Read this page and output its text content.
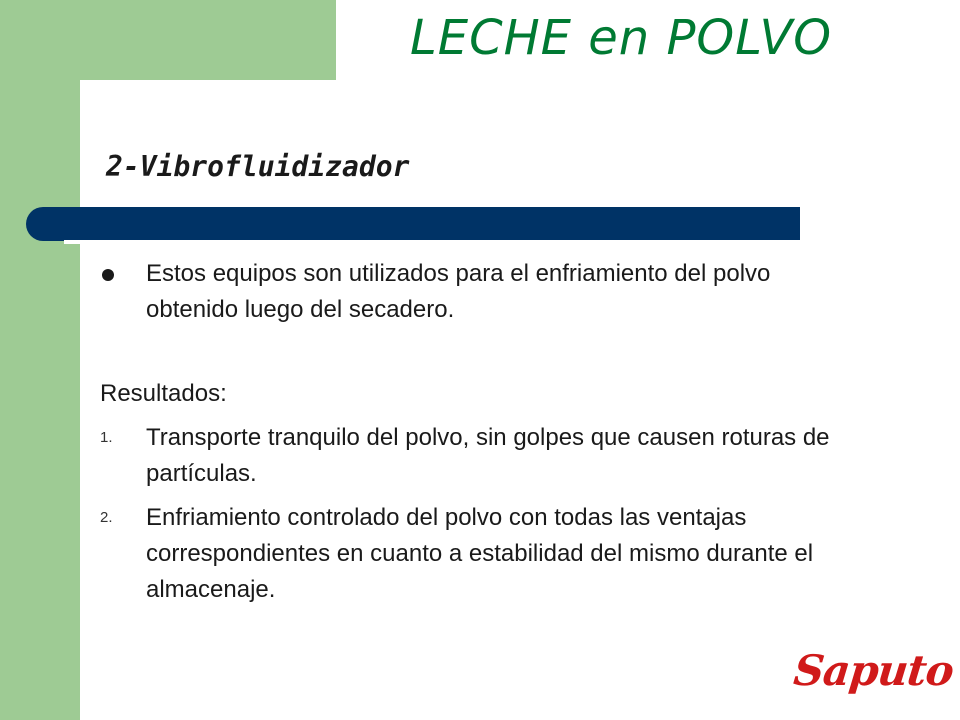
LECHE en POLVO
2-Vibrofluidizador
Estos equipos son utilizados para el enfriamiento del polvo obtenido luego del secadero.
Resultados:
1. Transporte tranquilo del polvo, sin golpes que causen roturas de partículas.
2. Enfriamiento controlado del polvo con todas las ventajas correspondientes en cuanto a estabilidad del mismo durante el almacenaje.
Saputo
